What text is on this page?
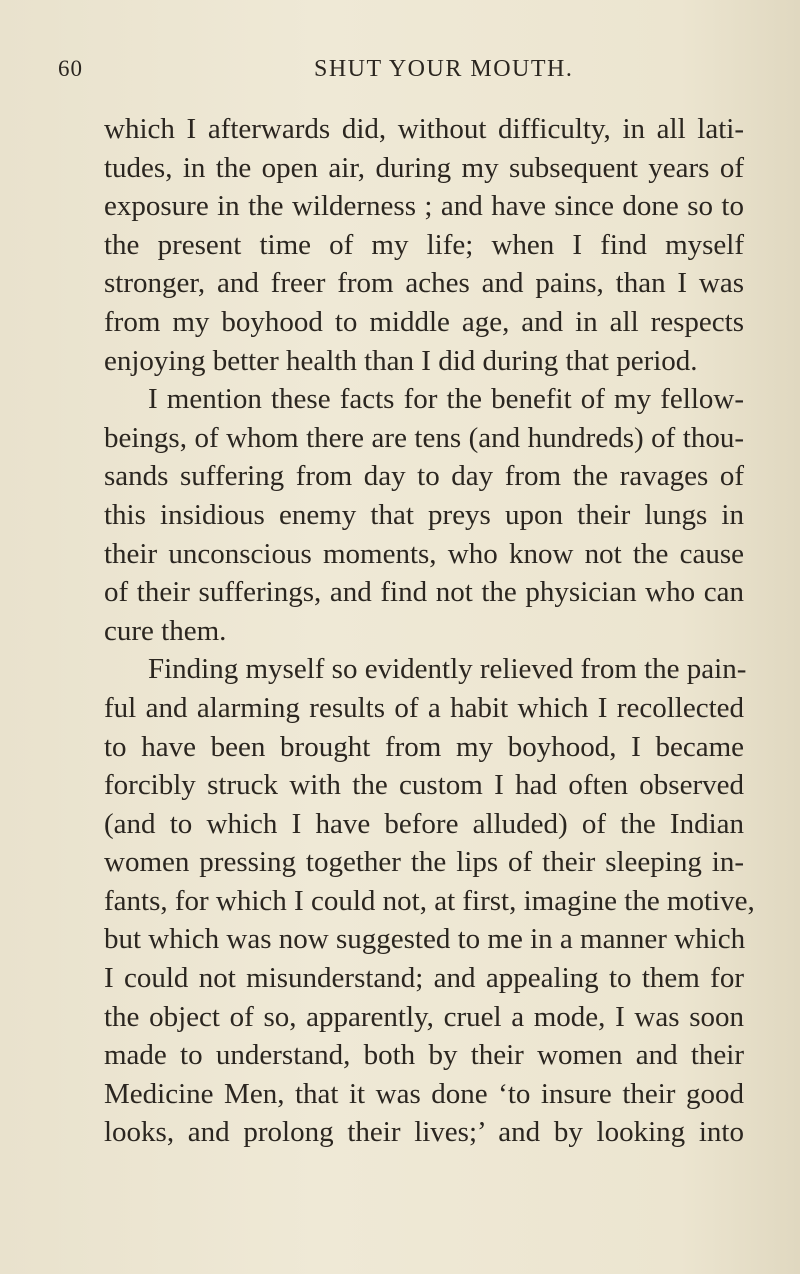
60	SHUT YOUR MOUTH.
which I afterwards did, without difficulty, in all lati-
tudes, in the open air, during my subsequent years of
exposure in the wilderness ; and have since done so to
the present time of my life; when I find myself
stronger, and freer from aches and pains, than I was
from my boyhood to middle age, and in all respects
enjoying better health than I did during that period.
I mention these facts for the benefit of my fellow-
beings, of whom there are tens (and hundreds) of thou-
sands suffering from day to day from the ravages of
this insidious enemy that preys upon their lungs in
their unconscious moments, who know not the cause
of their sufferings, and find not the physician who can
cure them.
Finding myself so evidently relieved from the pain-
ful and alarming results of a habit which I recollected
to have been brought from my boyhood, I became
forcibly struck with the custom I had often observed
(and to which I have before alluded) of the Indian
women pressing together the lips of their sleeping in-
fants, for which I could not, at first, imagine the motive,
but which was now suggested to me in a manner which
I could not misunderstand; and appealing to them for
the object of so, apparently, cruel a mode, I was soon
made to understand, both by their women and their
Medicine Men, that it was done ‘to insure their good
looks, and prolong their lives;’ and by looking into
